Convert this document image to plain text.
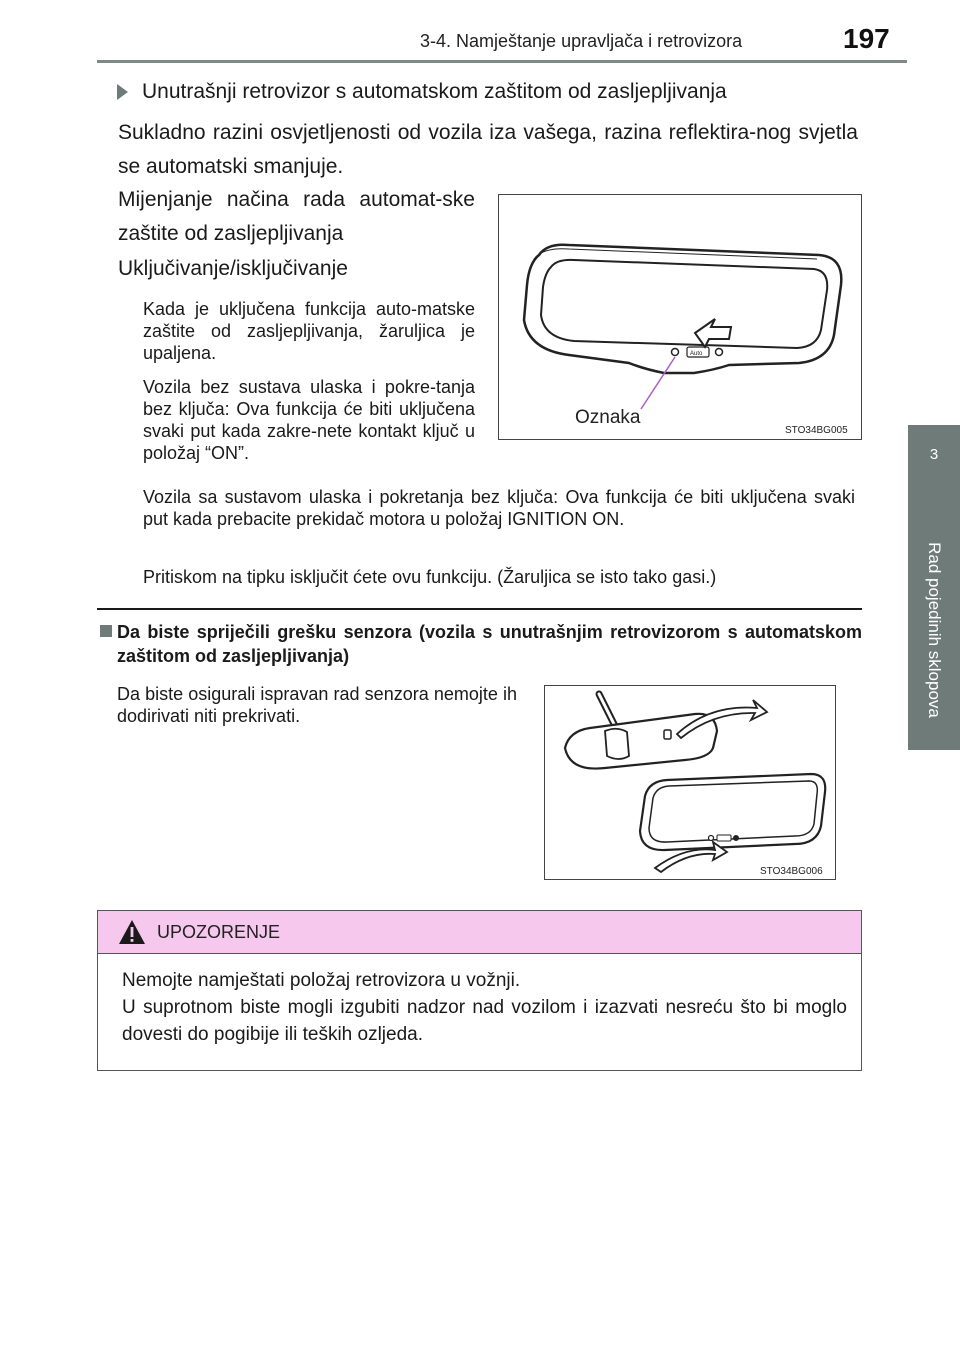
3-4. Namještanje upravljača i retrovizora	197
3
Rad pojedinih sklopova
Unutrašnji retrovizor s automatskom zaštitom od zasljepljivanja
Sukladno razini osvjetljenosti od vozila iza vašega, razina reflektira-nog svjetla se automatski smanjuje.
Mijenjanje načina rada automat-ske zaštite od zasljepljivanja
Uključivanje/isključivanje
Kada je uključena funkcija auto-matske zaštite od zasljepljivanja, žaruljica je upaljena.
Vozila bez sustava ulaska i pokre-tanja bez ključa: Ova funkcija će biti uključena svaki put kada zakre-nete kontakt ključ u položaj “ON”.
Vozila sa sustavom ulaska i pokretanja bez ključa: Ova funkcija će biti uključena svaki put kada prebacite prekidač motora u položaj IGNITION ON.
Pritiskom na tipku isključit ćete ovu funkciju. (Žaruljica se isto tako gasi.)
Auto
Oznaka
STO34BG005
Da biste spriječili grešku senzora (vozila s unutrašnjim retrovizorom s automatskom zaštitom od zasljepljivanja)
Da biste osigurali ispravan rad senzora nemojte ih dodirivati niti prekrivati.
STO34BG006
UPOZORENJE
Nemojte namještati položaj retrovizora u vožnji.
U suprotnom biste mogli izgubiti nadzor nad vozilom i izazvati nesreću što bi moglo dovesti do pogibije ili teških ozljeda.
